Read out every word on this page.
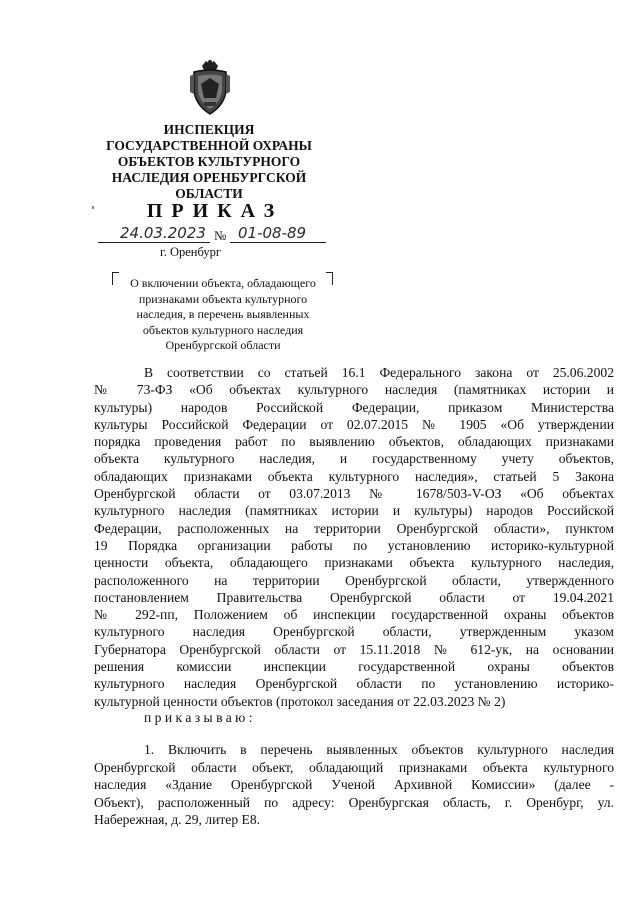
ИНСПЕКЦИЯ
ГОСУДАРСТВЕННОЙ ОХРАНЫ
ОБЪЕКТОВ КУЛЬТУРНОГО
НАСЛЕДИЯ ОРЕНБУРГСКОЙ
ОБЛАСТИ
ПРИКАЗ
24.03.2023 № 01-08-89
г. Оренбург
О включении объекта, обладающего
признаками объекта культурного
наследия, в перечень выявленных
объектов культурного наследия
Оренбургской области
В соответствии со статьей 16.1 Федерального закона от 25.06.2002
№ 73-ФЗ «Об объектах культурного наследия (памятниках истории и
культуры) народов Российской Федерации, приказом Министерства
культуры Российской Федерации от 02.07.2015 № 1905 «Об утверждении
порядка проведения работ по выявлению объектов, обладающих признаками
объекта культурного наследия, и государственному учету объектов,
обладающих признаками объекта культурного наследия», статьей 5 Закона
Оренбургской области от 03.07.2013 № 1678/503-V-ОЗ «Об объектах
культурного наследия (памятниках истории и культуры) народов Российской
Федерации, расположенных на территории Оренбургской области», пунктом
19 Порядка организации работы по установлению историко-культурной
ценности объекта, обладающего признаками объекта культурного наследия,
расположенного на территории Оренбургской области, утвержденного
постановлением Правительства Оренбургской области от 19.04.2021
№ 292-пп, Положением об инспекции государственной охраны объектов
культурного наследия Оренбургской области, утвержденным указом
Губернатора Оренбургской области от 15.11.2018 № 612-ук, на основании
решения комиссии инспекции государственной охраны объектов
культурного наследия Оренбургской области по установлению историко-
культурной ценности объектов (протокол заседания от 22.03.2023 № 2)
приказываю:
1. Включить в перечень выявленных объектов культурного наследия
Оренбургской области объект, обладающий признаками объекта культурного
наследия «Здание Оренбургской Ученой Архивной Комиссии» (далее -
Объект), расположенный по адресу: Оренбургская область, г. Оренбург, ул.
Набережная, д. 29, литер Е8.
